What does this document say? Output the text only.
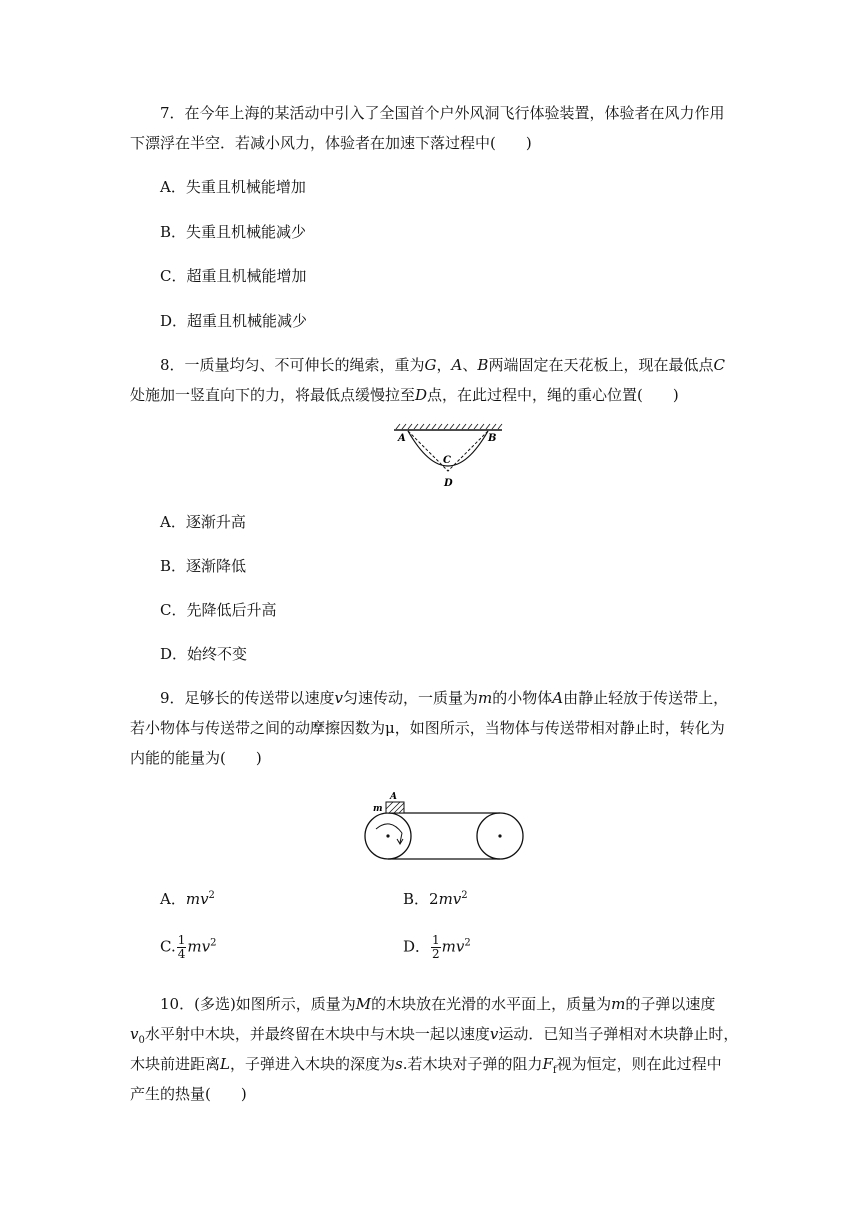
7．在今年上海的某活动中引入了全国首个户外风洞飞行体验装置，体验者在风力作用
下漂浮在半空．若减小风力，体验者在加速下落过程中(　　)
A．失重且机械能增加
B．失重且机械能减少
C．超重且机械能增加
D．超重且机械能减少
8．一质量均匀、不可伸长的绳索，重为G，A、B两端固定在天花板上，现在最低点C
处施加一竖直向下的力，将最低点缓慢拉至D点，在此过程中，绳的重心位置(　　)
A	B
C
D
A．逐渐升高
B．逐渐降低
C．先降低后升高
D．始终不变
9．足够长的传送带以速度v匀速传动，一质量为m的小物体A由静止轻放于传送带上，
若小物体与传送带之间的动摩擦因数为μ，如图所示，当物体与传送带相对静止时，转化为
内能的能量为(　　)
A
m
A．$mv^2$	B．$2mv^2$
C. $\frac{1}{4} mv^2$	D． $\frac{1}{2} mv^2$
10．(多选)如图所示，质量为M的木块放在光滑的水平面上，质量为m的子弹以速度
$v_0$水平射中木块，并最终留在木块中与木块一起以速度v运动．已知当子弹相对木块静止时，
木块前进距离L，子弹进入木块的深度为s.若木块对子弹的阻力$F_f$视为恒定，则在此过程中
产生的热量(　　)
